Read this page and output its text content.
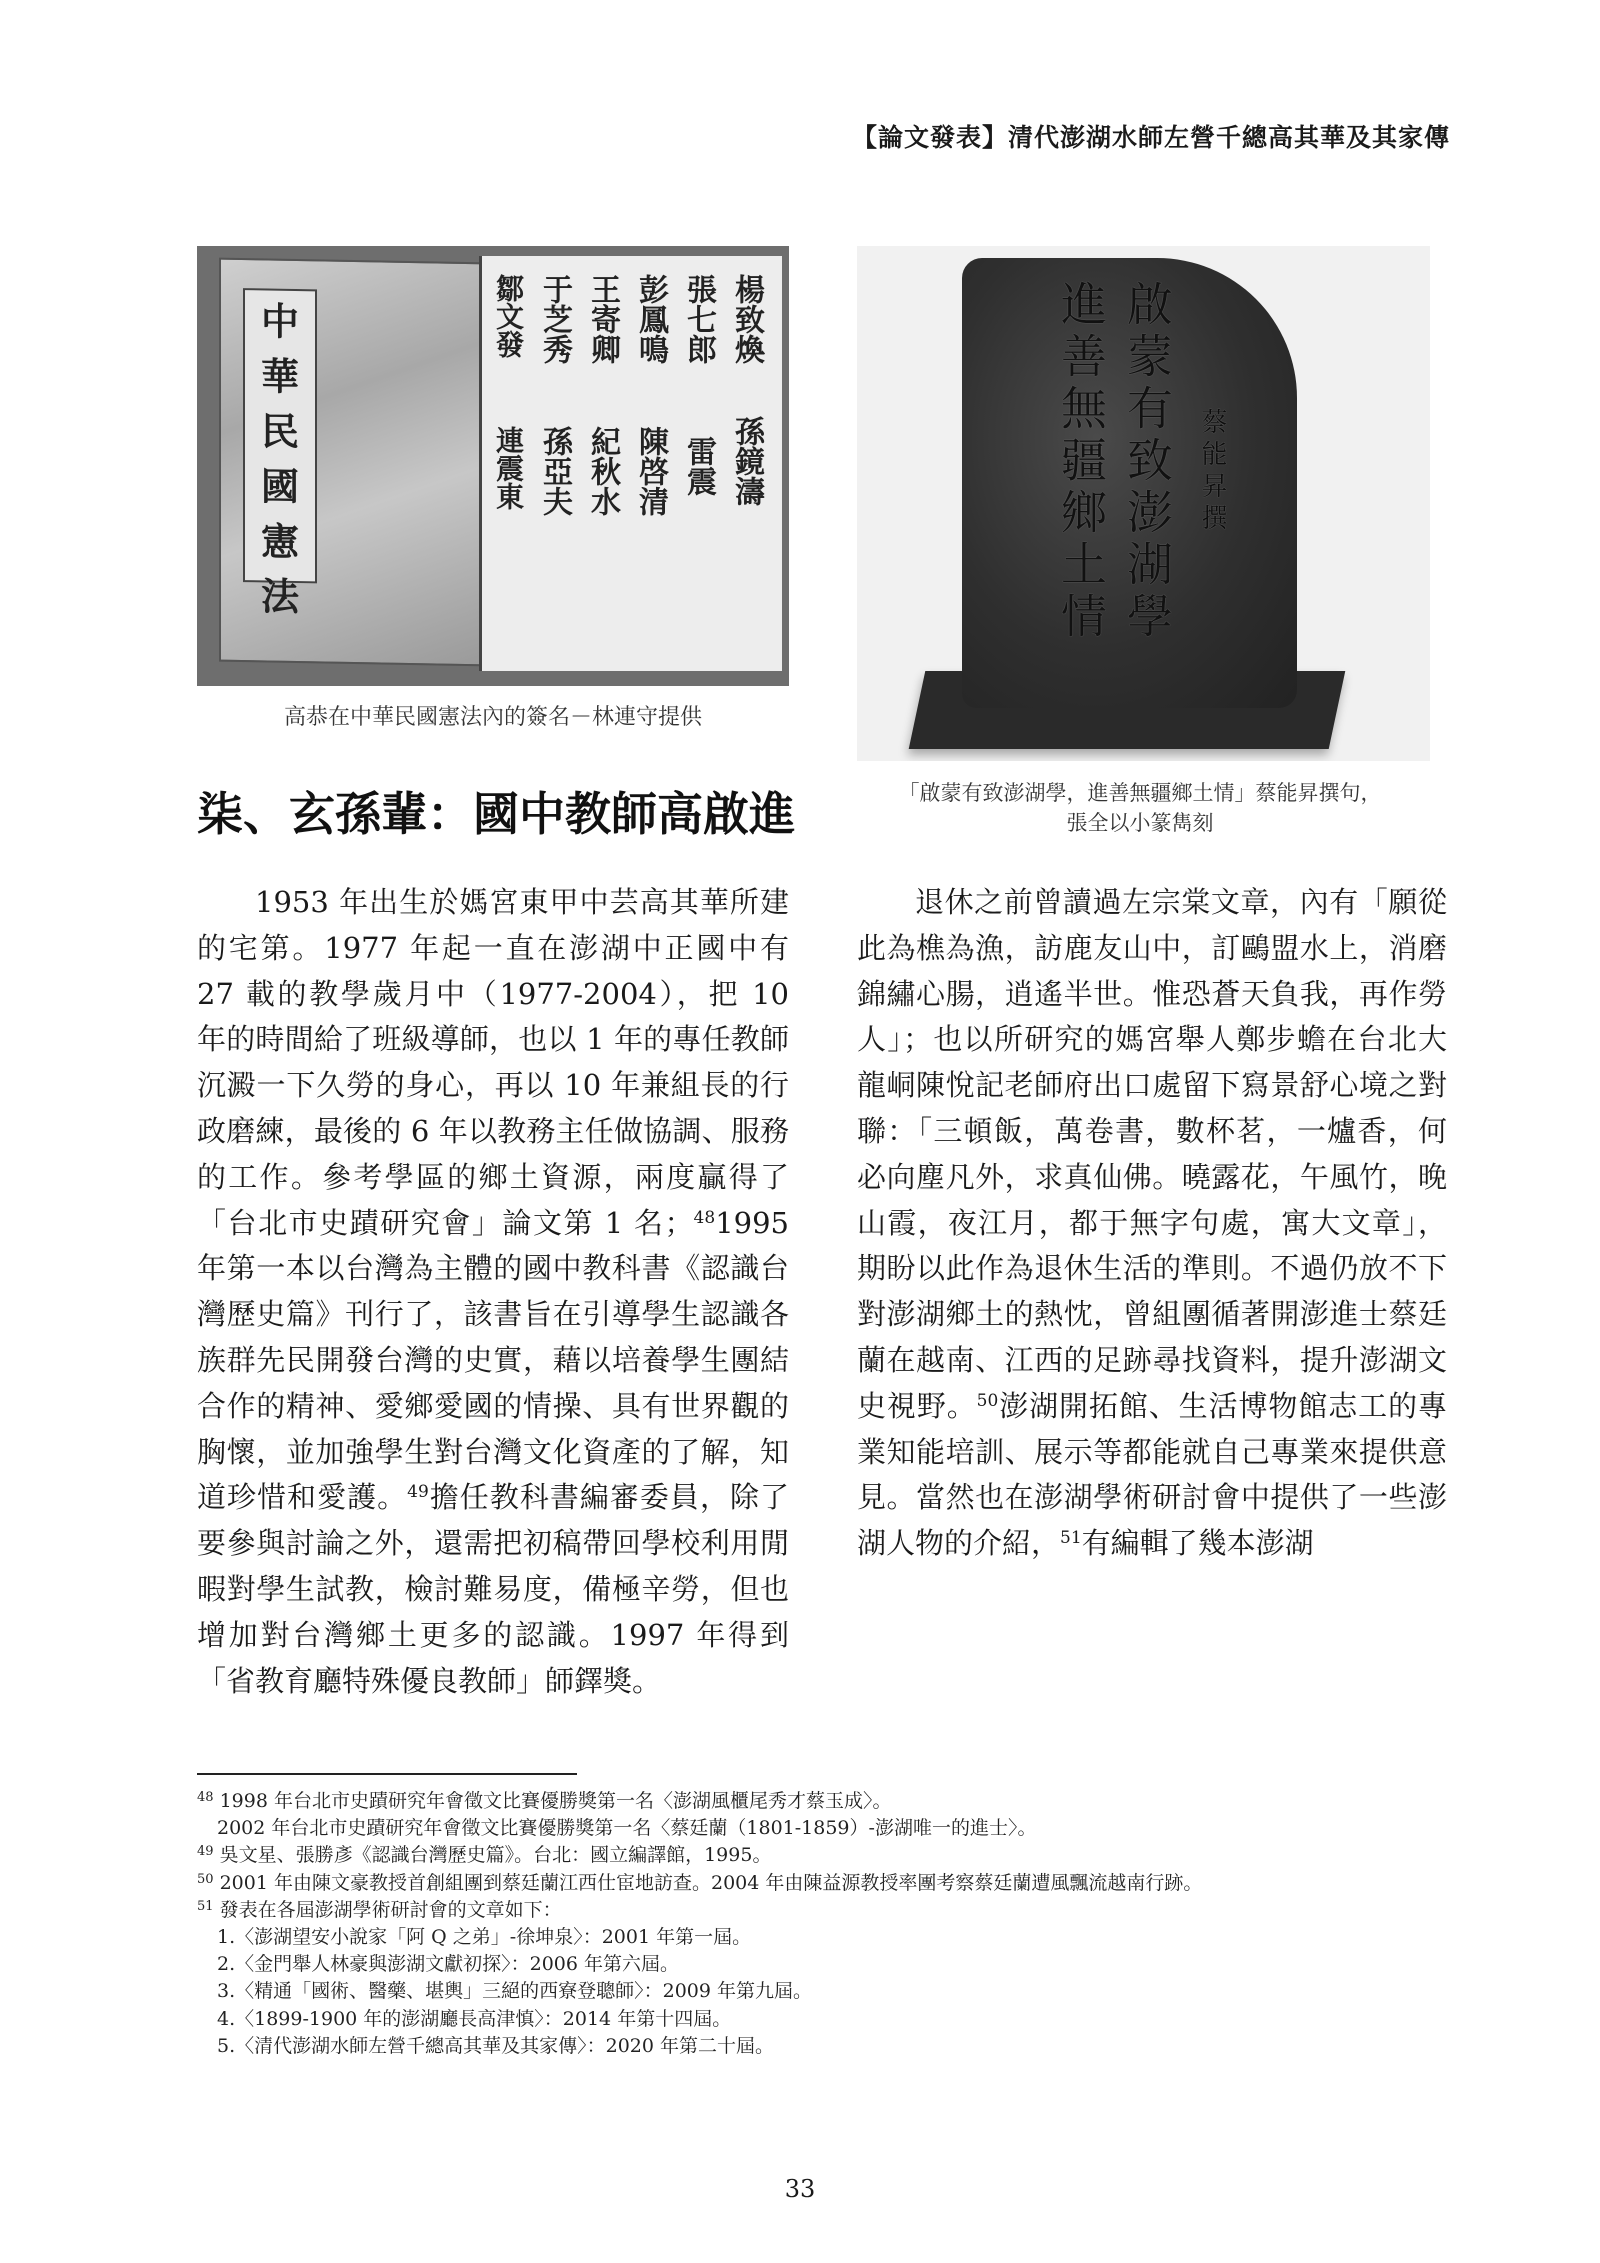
【論文發表】清代澎湖水師左營千總高其華及其家傳
中
華
民
國
憲
法
楊致煥
孫鏡濤
張七郎
雷震
彭鳳鳴
陳啓清
王寄卿
紀秋水
于芝秀
孫亞夫
鄒文發
連震東
高恭在中華民國憲法內的簽名－林連守提供
啟蒙有致澎湖學
進善無疆鄉土情	蔡能昇撰
「啟蒙有致澎湖學，進善無疆鄉土情」蔡能昇撰句，
張全以小篆雋刻
柒、玄孫輩：國中教師高啟進

1953 年出生於媽宮東甲中芸高其華所建的宅第。1977 年起一直在澎湖中正國中有 27 載的教學歲月中（1977-2004），把 10 年的時間給了班級導師，也以 1 年的專任教師沉澱一下久勞的身心，再以 10 年兼組長的行政磨練，最後的 6 年以教務主任做協調、服務的工作。參考學區的鄉土資源，兩度贏得了「台北市史蹟研究會」論文第 1 名；$^{48}$1995 年第一本以台灣為主體的國中教科書《認識台灣歷史篇》刊行了，該書旨在引導學生認識各族群先民開發台灣的史實，藉以培養學生團結合作的精神、愛鄉愛國的情操、具有世界觀的胸懷，並加強學生對台灣文化資產的了解，知道珍惜和愛護。$^{49}$擔任教科書編審委員，除了要參與討論之外，還需把初稿帶回學校利用閒暇對學生試教，檢討難易度，備極辛勞，但也增加對台灣鄉土更多的認識。1997 年得到「省教育廳特殊優良教師」師鐸獎。

退休之前曾讀過左宗棠文章，內有「願從此為樵為漁，訪鹿友山中，訂鷗盟水上，消磨錦繡心腸，逍遙半世。惟恐蒼天負我，再作勞人」；也以所研究的媽宮舉人鄭步蟾在台北大龍峒陳悅記老師府出口處留下寫景舒心境之對聯：「三頓飯，萬卷書，數杯茗，一爐香，何必向塵凡外，求真仙佛。曉露花，午風竹，晚山霞，夜江月，都于無字句處，寓大文章」，期盼以此作為退休生活的準則。不過仍放不下對澎湖鄉土的熱忱，曾組團循著開澎進士蔡廷蘭在越南、江西的足跡尋找資料，提升澎湖文史視野。$^{50}$澎湖開拓館、生活博物館志工的專業知能培訓、展示等都能就自己專業來提供意見。當然也在澎湖學術研討會中提供了一些澎湖人物的介紹，$^{51}$有編輯了幾本澎湖

$^{48}$ 1998 年台北市史蹟研究年會徵文比賽優勝獎第一名〈澎湖風櫃尾秀才蔡玉成〉。

2002 年台北市史蹟研究年會徵文比賽優勝獎第一名〈蔡廷蘭（1801-1859）-澎湖唯一的進士〉。

$^{49}$ 吳文星、張勝彥《認識台灣歷史篇》。台北：國立編譯館，1995。

$^{50}$ 2001 年由陳文豪教授首創組團到蔡廷蘭江西仕宦地訪查。2004 年由陳益源教授率團考察蔡廷蘭遭風飄流越南行跡。

$^{51}$ 發表在各屆澎湖學術研討會的文章如下：

1.〈澎湖望安小說家「阿 Q 之弟」-徐坤泉〉：2001 年第一屆。

2.〈金門舉人林豪與澎湖文獻初探〉：2006 年第六屆。

3.〈精通「國術、醫藥、堪輿」三絕的西寮登聰師〉：2009 年第九屆。

4.〈1899-1900 年的澎湖廳長高津慎〉：2014 年第十四屆。

5.〈清代澎湖水師左營千總高其華及其家傳〉：2020 年第二十屆。

33
